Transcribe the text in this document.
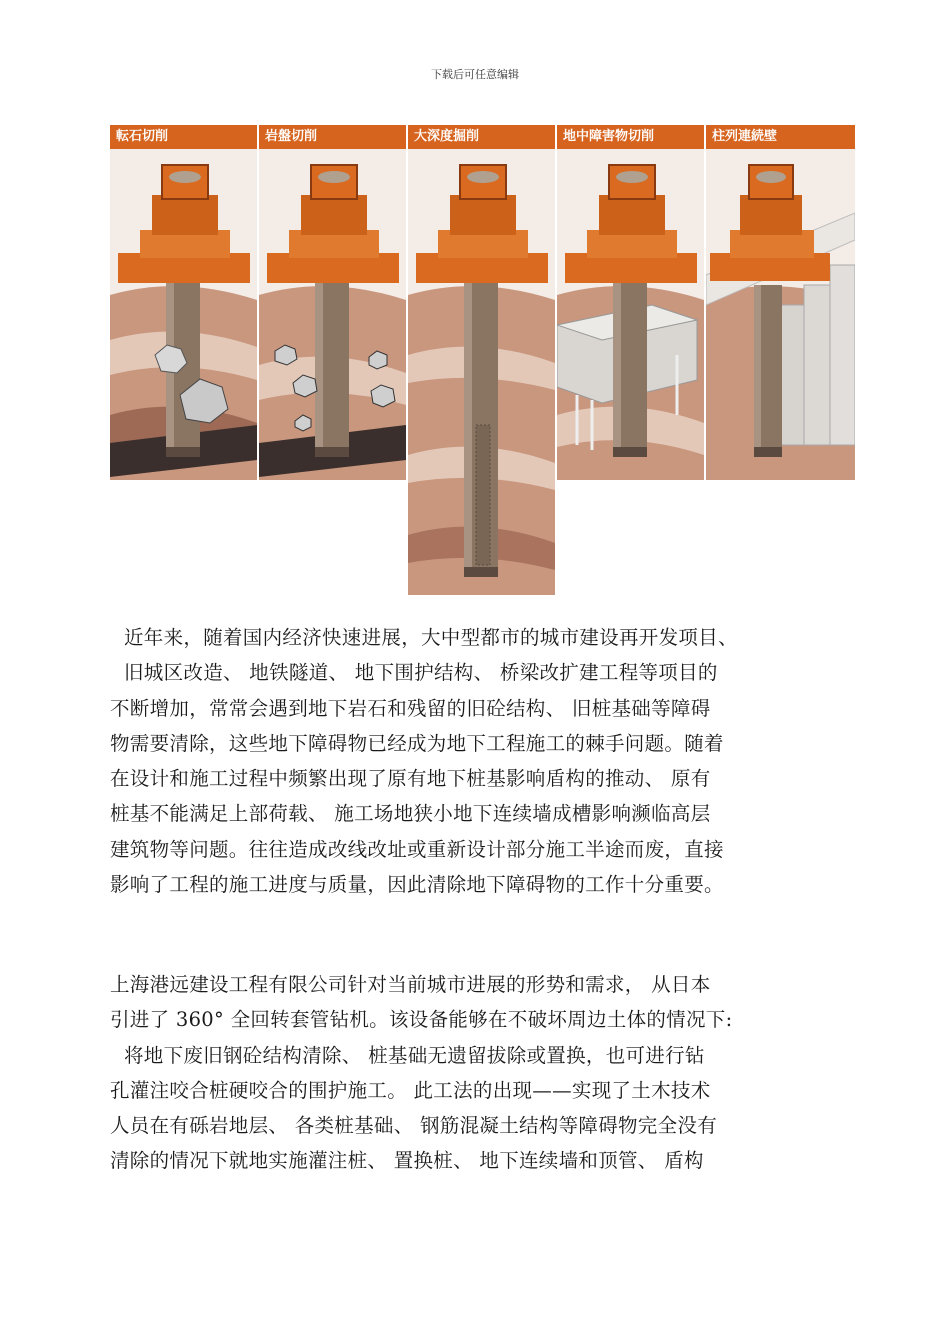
下载后可任意编辑
転石切削	岩盤切削	大深度掘削	地中障害物切削	柱列連続壁
近年来，随着国内经济快速进展，大中型都市的城市建设再开发项目、
旧城区改造、 地铁隧道、 地下围护结构、 桥梁改扩建工程等项目的
不断增加，常常会遇到地下岩石和残留的旧砼结构、 旧桩基础等障碍
物需要清除，这些地下障碍物已经成为地下工程施工的棘手问题。随着
在设计和施工过程中频繁出现了原有地下桩基影响盾构的推动、 原有
桩基不能满足上部荷载、 施工场地狭小地下连续墙成槽影响濒临高层
建筑物等问题。往往造成改线改址或重新设计部分施工半途而废，直接
影响了工程的施工进度与质量，因此清除地下障碍物的工作十分重要。
上海港远建设工程有限公司针对当前城市进展的形势和需求， 从日本
引进了 360° 全回转套管钻机。该设备能够在不破坏周边土体的情况下:
将地下废旧钢砼结构清除、 桩基础无遗留拔除或置换，也可进行钻
孔灌注咬合桩硬咬合的围护施工。 此工法的出现——实现了土木技术
人员在有砾岩地层、 各类桩基础、 钢筋混凝土结构等障碍物完全没有
清除的情况下就地实施灌注桩、 置换桩、 地下连续墙和顶管、 盾构
